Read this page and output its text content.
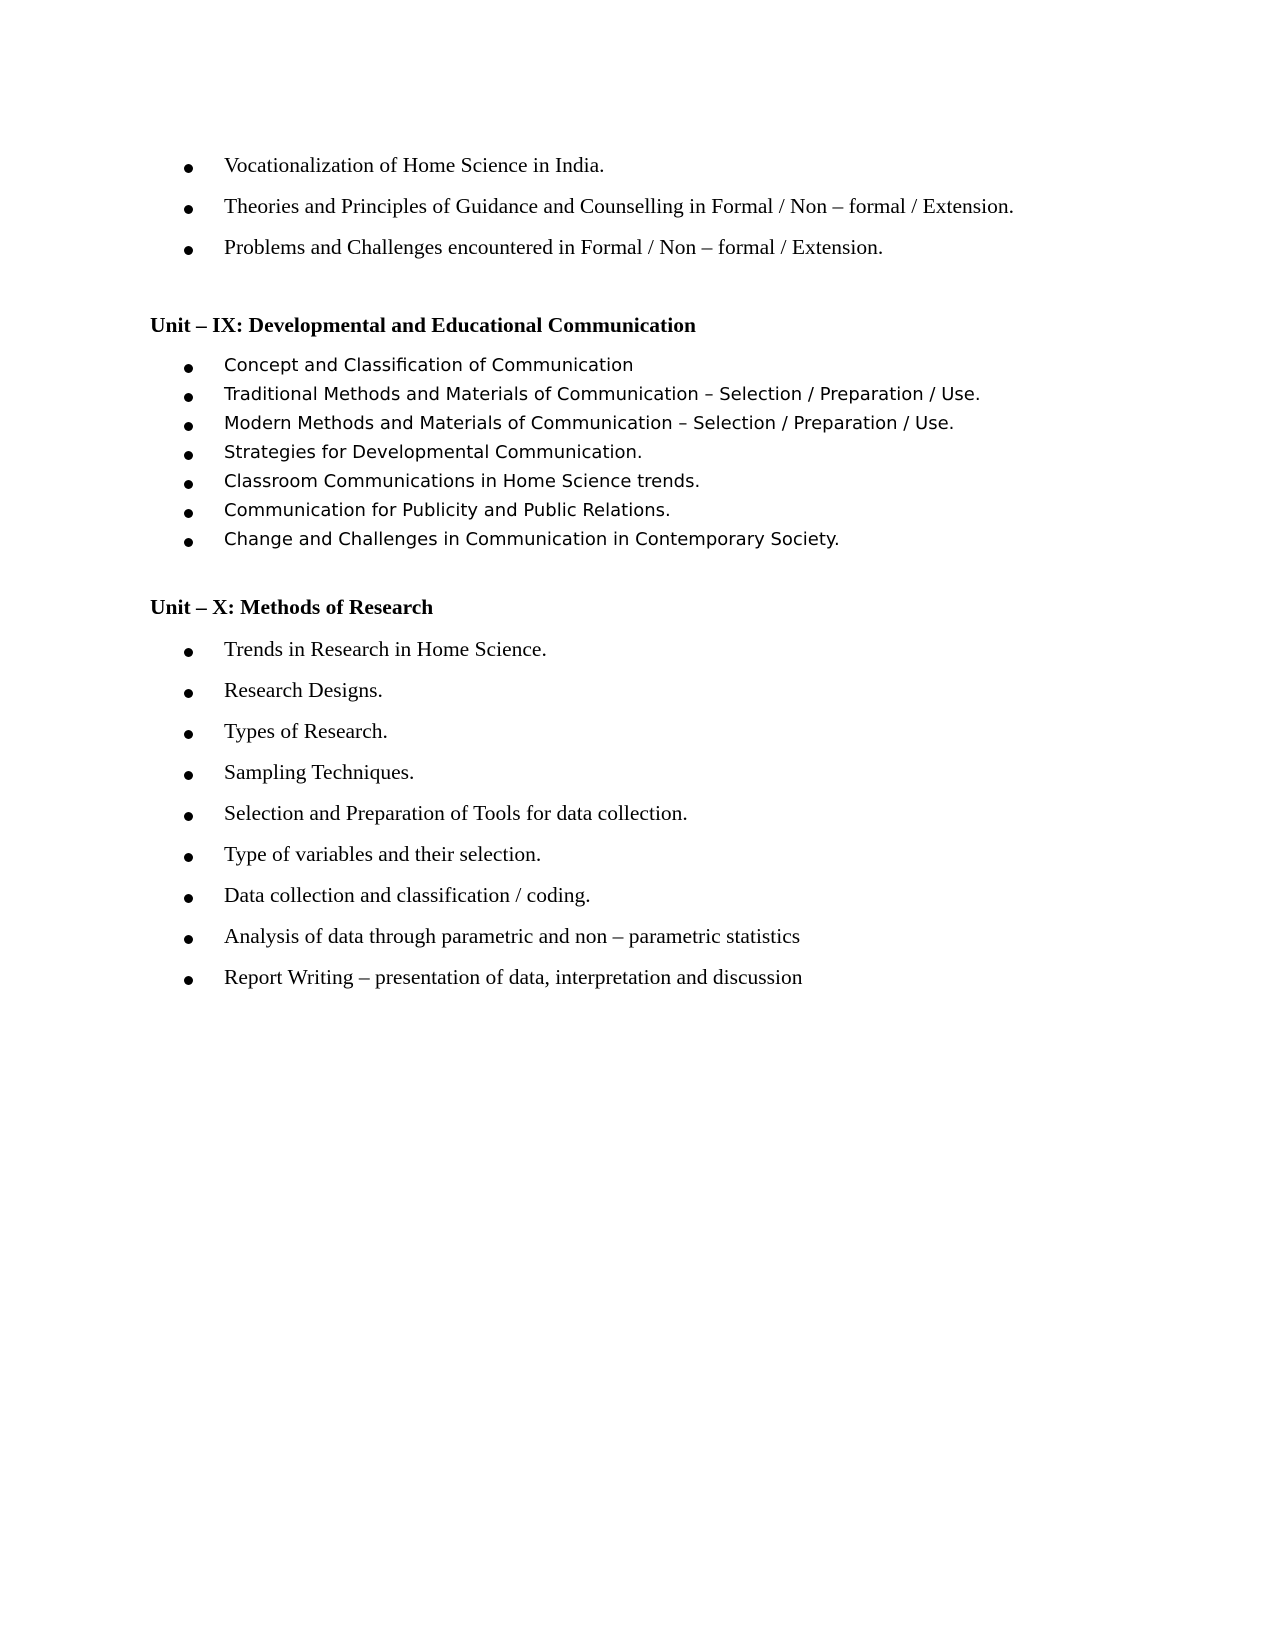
Vocationalization of Home Science in India.
Theories and Principles of Guidance and Counselling in Formal / Non – formal / Extension.
Problems and Challenges encountered in Formal / Non – formal / Extension.
Unit – IX: Developmental and Educational Communication
Concept and Classification of Communication
Traditional Methods and Materials of Communication – Selection / Preparation / Use.
Modern Methods and Materials of Communication – Selection / Preparation / Use.
Strategies for Developmental Communication.
Classroom Communications in Home Science trends.
Communication for Publicity and Public Relations.
Change and Challenges in Communication in Contemporary Society.
Unit – X: Methods of Research
Trends in Research in Home Science.
Research Designs.
Types of Research.
Sampling Techniques.
Selection and Preparation of Tools for data collection.
Type of variables and their selection.
Data collection and classification / coding.
Analysis of data through parametric and non – parametric statistics
Report Writing – presentation of data, interpretation and discussion
